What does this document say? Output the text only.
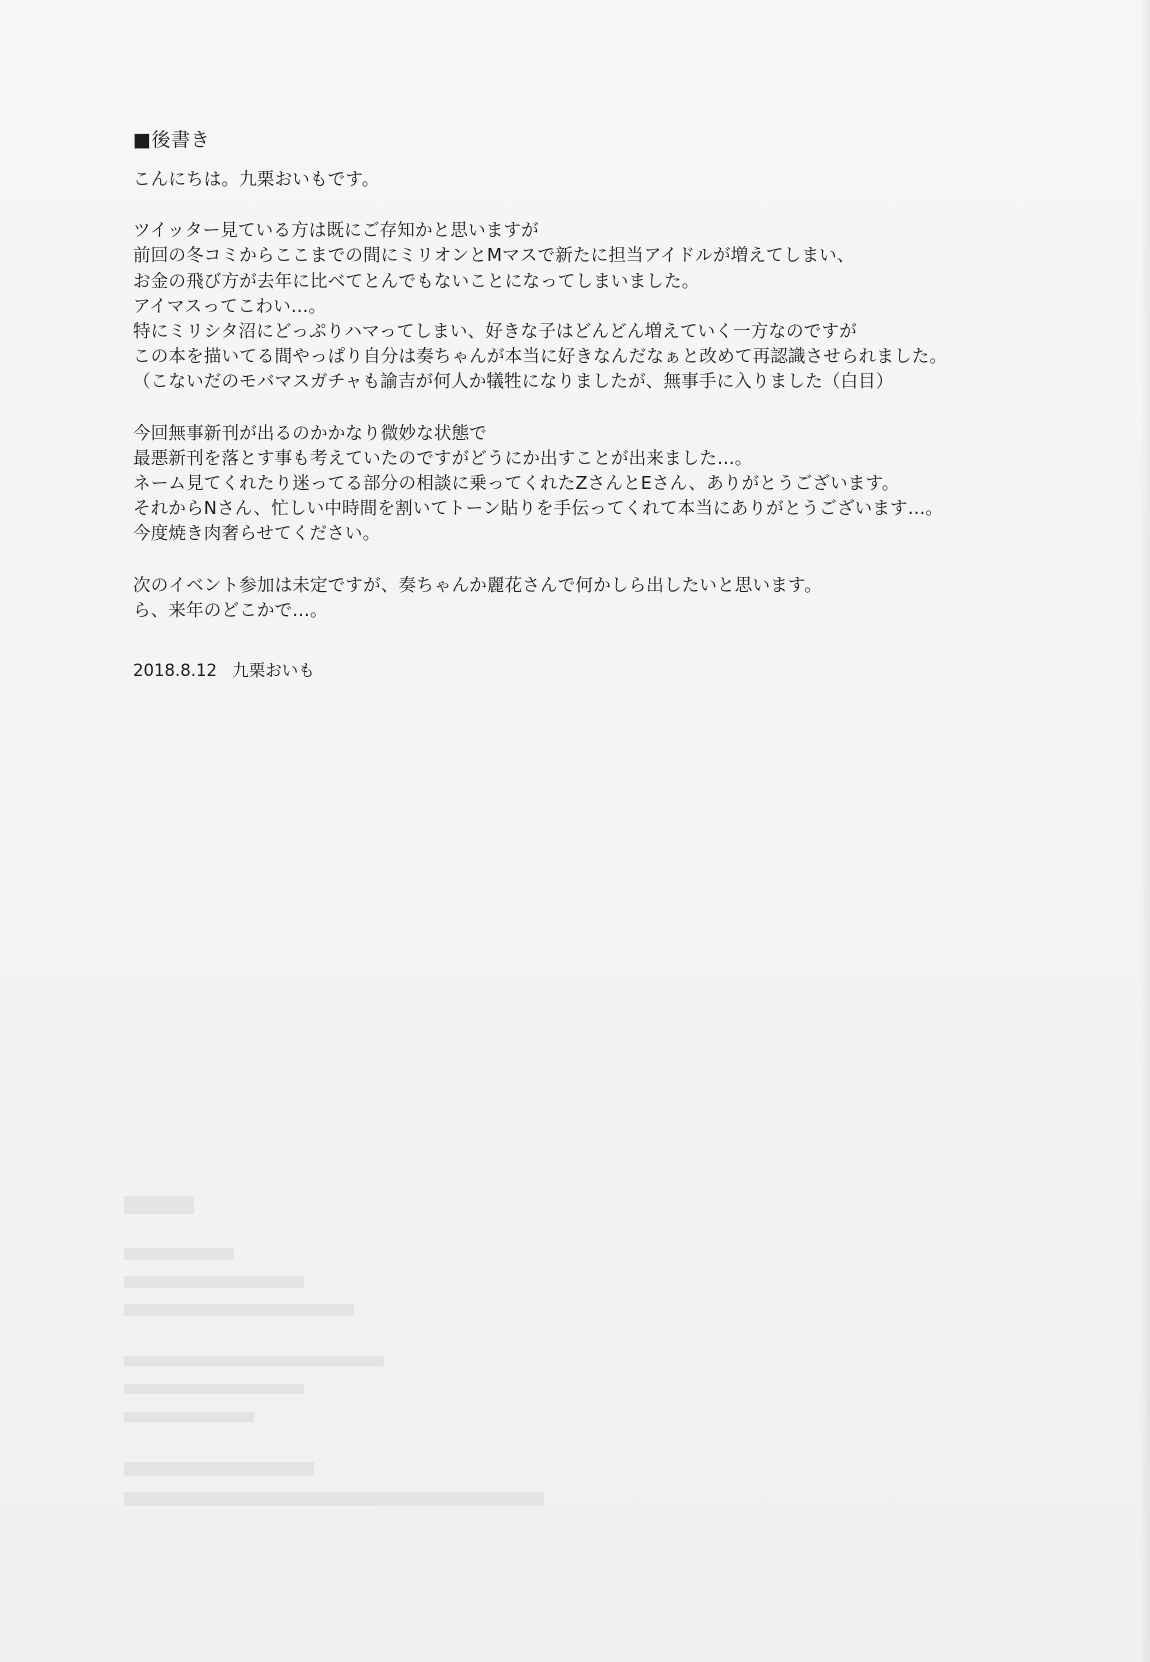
■後書き
こんにちは。九栗おいもです。
ツイッター見ている方は既にご存知かと思いますが
前回の冬コミからここまでの間にミリオンとMマスで新たに担当アイドルが増えてしまい、
お金の飛び方が去年に比べてとんでもないことになってしまいました。
アイマスってこわい…。
特にミリシタ沼にどっぷりハマってしまい、好きな子はどんどん増えていく一方なのですが
この本を描いてる間やっぱり自分は奏ちゃんが本当に好きなんだなぁと改めて再認識させられました。
（こないだのモバマスガチャも諭吉が何人か犠牲になりましたが、無事手に入りました（白目）
今回無事新刊が出るのかかなり微妙な状態で
最悪新刊を落とす事も考えていたのですがどうにか出すことが出来ました…。
ネーム見てくれたり迷ってる部分の相談に乗ってくれたZさんとEさん、ありがとうございます。
それからNさん、忙しい中時間を割いてトーン貼りを手伝ってくれて本当にありがとうございます…。
今度焼き肉奢らせてください。
次のイベント参加は未定ですが、奏ちゃんか麗花さんで何かしら出したいと思います。
ら、来年のどこかで…。
2018.8.12 九栗おいも
